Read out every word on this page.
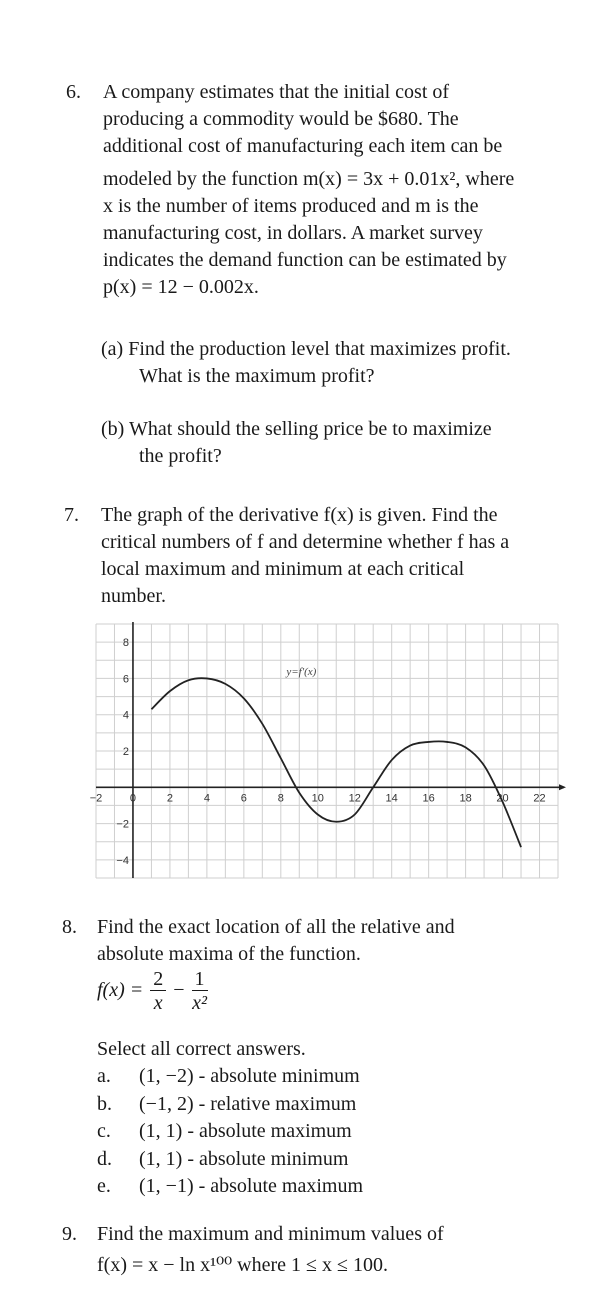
6. A company estimates that the initial cost of
producing a commodity would be $680. The
additional cost of manufacturing each item can be
modeled by the function m(x) = 3x + 0.01x², where
x is the number of items produced and m is the
manufacturing cost, in dollars. A market survey
indicates the demand function can be estimated by
p(x) = 12 − 0.002x.
(a) Find the production level that maximizes profit.
What is the maximum profit?
(b) What should the selling price be to maximize
the profit?
7. The graph of the derivative f(x) is given. Find the
critical numbers of f and determine whether f has a
local maximum and minimum at each critical
number.
−2	0	2	4	6	8	10 12 14 16 18 20 22
8
6
4
2
−2
−4
y=f′(x)
8. Find the exact location of all the relative and
absolute maxima of the function.
$f(x) = \frac{2}{x} - \frac{1}{\text{x²}}$
Select all correct answers.
a. (1, −2) - absolute minimum
b. (−1, 2) - relative maximum
c. (1, 1) - absolute maximum
d. (1, 1) - absolute minimum
e. (1, −1) - absolute maximum
9. Find the maximum and minimum values of
f(x) = x − ln x¹⁰⁰ where 1 ≤ x ≤ 100.
